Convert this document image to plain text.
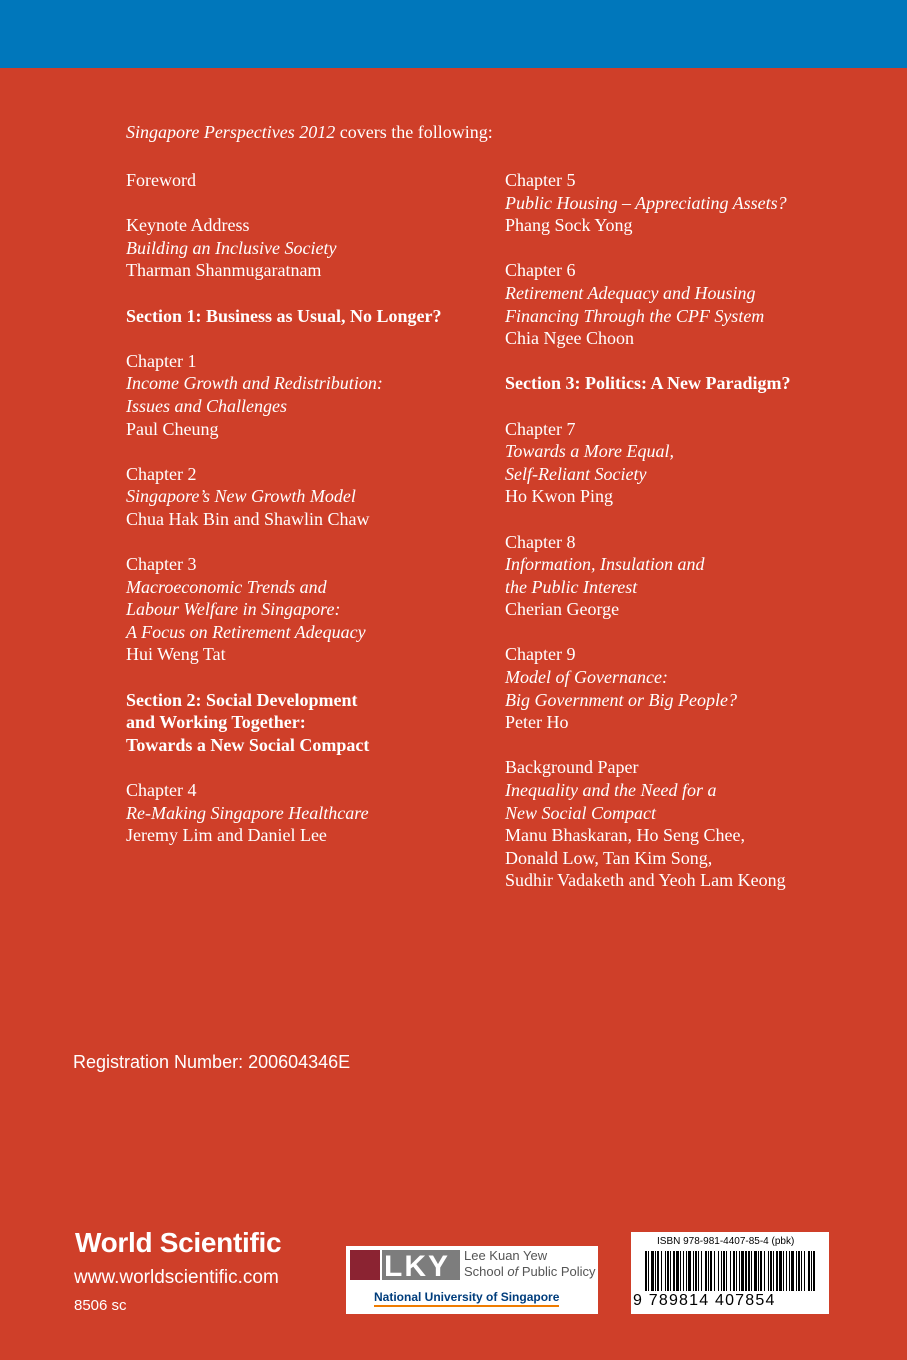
Singapore Perspectives 2012 covers the following:
Foreword
Keynote Address
Building an Inclusive Society
Tharman Shanmugaratnam
Section 1: Business as Usual, No Longer?
Chapter 1
Income Growth and Redistribution:
Issues and Challenges
Paul Cheung
Chapter 2
Singapore’s New Growth Model
Chua Hak Bin and Shawlin Chaw
Chapter 3
Macroeconomic Trends and
Labour Welfare in Singapore:
A Focus on Retirement Adequacy
Hui Weng Tat
Section 2: Social Development
and Working Together:
Towards a New Social Compact
Chapter 4
Re-Making Singapore Healthcare
Jeremy Lim and Daniel Lee
Chapter 5
Public Housing – Appreciating Assets?
Phang Sock Yong
Chapter 6
Retirement Adequacy and Housing
Financing Through the CPF System
Chia Ngee Choon
Section 3: Politics: A New Paradigm?
Chapter 7
Towards a More Equal,
Self-Reliant Society
Ho Kwon Ping
Chapter 8
Information, Insulation and
the Public Interest
Cherian George
Chapter 9
Model of Governance:
Big Government or Big People?
Peter Ho
Background Paper
Inequality and the Need for a
New Social Compact
Manu Bhaskaran, Ho Seng Chee,
Donald Low, Tan Kim Song,
Sudhir Vadaketh and Yeoh Lam Keong
Registration Number: 200604346E
World Scientific
www.worldscientific.com
8506 sc
LKY Lee Kuan Yew
School of Public Policy
National University of Singapore
ISBN 978-981-4407-85-4 (pbk)
9 789814 407854
